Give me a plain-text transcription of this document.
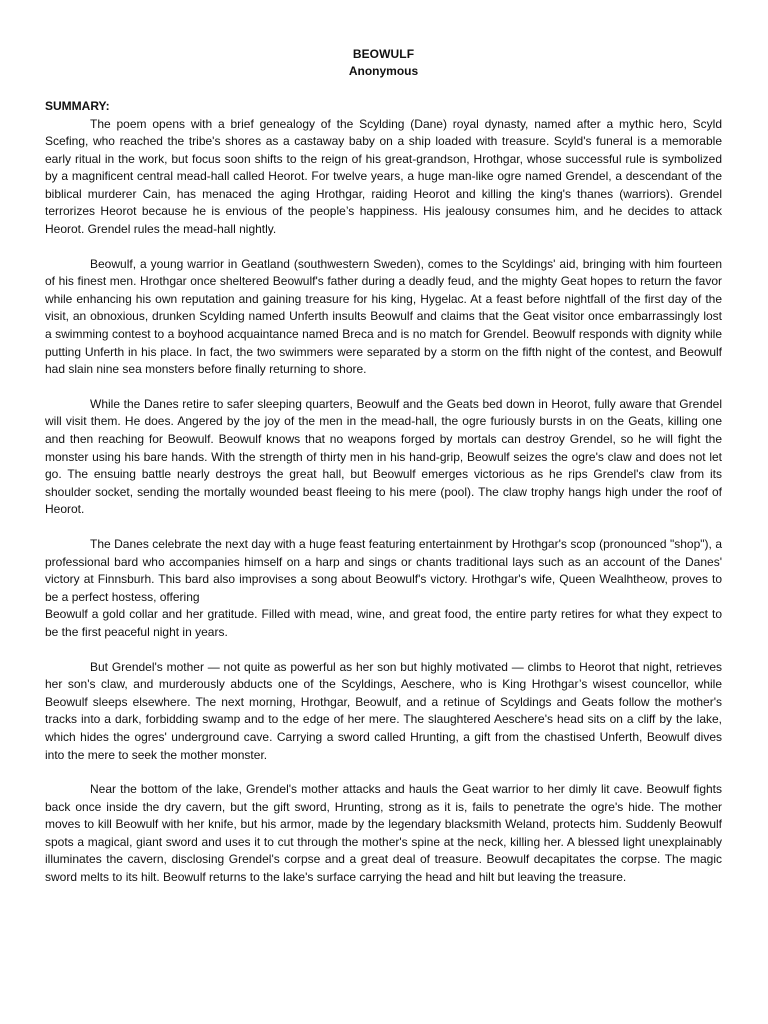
BEOWULF
Anonymous
SUMMARY:

The poem opens with a brief genealogy of the Scylding (Dane) royal dynasty, named after a mythic hero, Scyld Scefing, who reached the tribe's shores as a castaway baby on a ship loaded with treasure. Scyld's funeral is a memorable early ritual in the work, but focus soon shifts to the reign of his great-grandson, Hrothgar, whose successful rule is symbolized by a magnificent central mead-hall called Heorot. For twelve years, a huge man-like ogre named Grendel, a descendant of the biblical murderer Cain, has menaced the aging Hrothgar, raiding Heorot and killing the king's thanes (warriors). Grendel terrorizes Heorot because he is envious of the people’s happiness. His jealousy consumes him, and he decides to attack Heorot. Grendel rules the mead-hall nightly.

Beowulf, a young warrior in Geatland (southwestern Sweden), comes to the Scyldings' aid, bringing with him fourteen of his finest men. Hrothgar once sheltered Beowulf's father during a deadly feud, and the mighty Geat hopes to return the favor while enhancing his own reputation and gaining treasure for his king, Hygelac. At a feast before nightfall of the first day of the visit, an obnoxious, drunken Scylding named Unferth insults Beowulf and claims that the Geat visitor once embarrassingly lost a swimming contest to a boyhood acquaintance named Breca and is no match for Grendel. Beowulf responds with dignity while putting Unferth in his place. In fact, the two swimmers were separated by a storm on the fifth night of the contest, and Beowulf had slain nine sea monsters before finally returning to shore.

While the Danes retire to safer sleeping quarters, Beowulf and the Geats bed down in Heorot, fully aware that Grendel will visit them. He does. Angered by the joy of the men in the mead-hall, the ogre furiously bursts in on the Geats, killing one and then reaching for Beowulf. Beowulf knows that no weapons forged by mortals can destroy Grendel, so he will fight the monster using his bare hands. With the strength of thirty men in his hand-grip, Beowulf seizes the ogre's claw and does not let go. The ensuing battle nearly destroys the great hall, but Beowulf emerges victorious as he rips Grendel's claw from its shoulder socket, sending the mortally wounded beast fleeing to his mere (pool). The claw trophy hangs high under the roof of Heorot.

The Danes celebrate the next day with a huge feast featuring entertainment by Hrothgar's scop (pronounced "shop"), a professional bard who accompanies himself on a harp and sings or chants traditional lays such as an account of the Danes' victory at Finnsburh. This bard also improvises a song about Beowulf's victory. Hrothgar's wife, Queen Wealhtheow, proves to be a perfect hostess, offering

Beowulf a gold collar and her gratitude. Filled with mead, wine, and great food, the entire party retires for what they expect to be the first peaceful night in years.

But Grendel's mother — not quite as powerful as her son but highly motivated — climbs to Heorot that night, retrieves her son's claw, and murderously abducts one of the Scyldings, Aeschere, who is King Hrothgar’s wisest councellor, while Beowulf sleeps elsewhere. The next morning, Hrothgar, Beowulf, and a retinue of Scyldings and Geats follow the mother's tracks into a dark, forbidding swamp and to the edge of her mere. The slaughtered Aeschere's head sits on a cliff by the lake, which hides the ogres' underground cave. Carrying a sword called Hrunting, a gift from the chastised Unferth, Beowulf dives into the mere to seek the mother monster.

Near the bottom of the lake, Grendel's mother attacks and hauls the Geat warrior to her dimly lit cave. Beowulf fights back once inside the dry cavern, but the gift sword, Hrunting, strong as it is, fails to penetrate the ogre's hide. The mother moves to kill Beowulf with her knife, but his armor, made by the legendary blacksmith Weland, protects him. Suddenly Beowulf spots a magical, giant sword and uses it to cut through the mother's spine at the neck, killing her. A blessed light unexplainably illuminates the cavern, disclosing Grendel's corpse and a great deal of treasure. Beowulf decapitates the corpse. The magic sword melts to its hilt. Beowulf returns to the lake's surface carrying the head and hilt but leaving the treasure.
